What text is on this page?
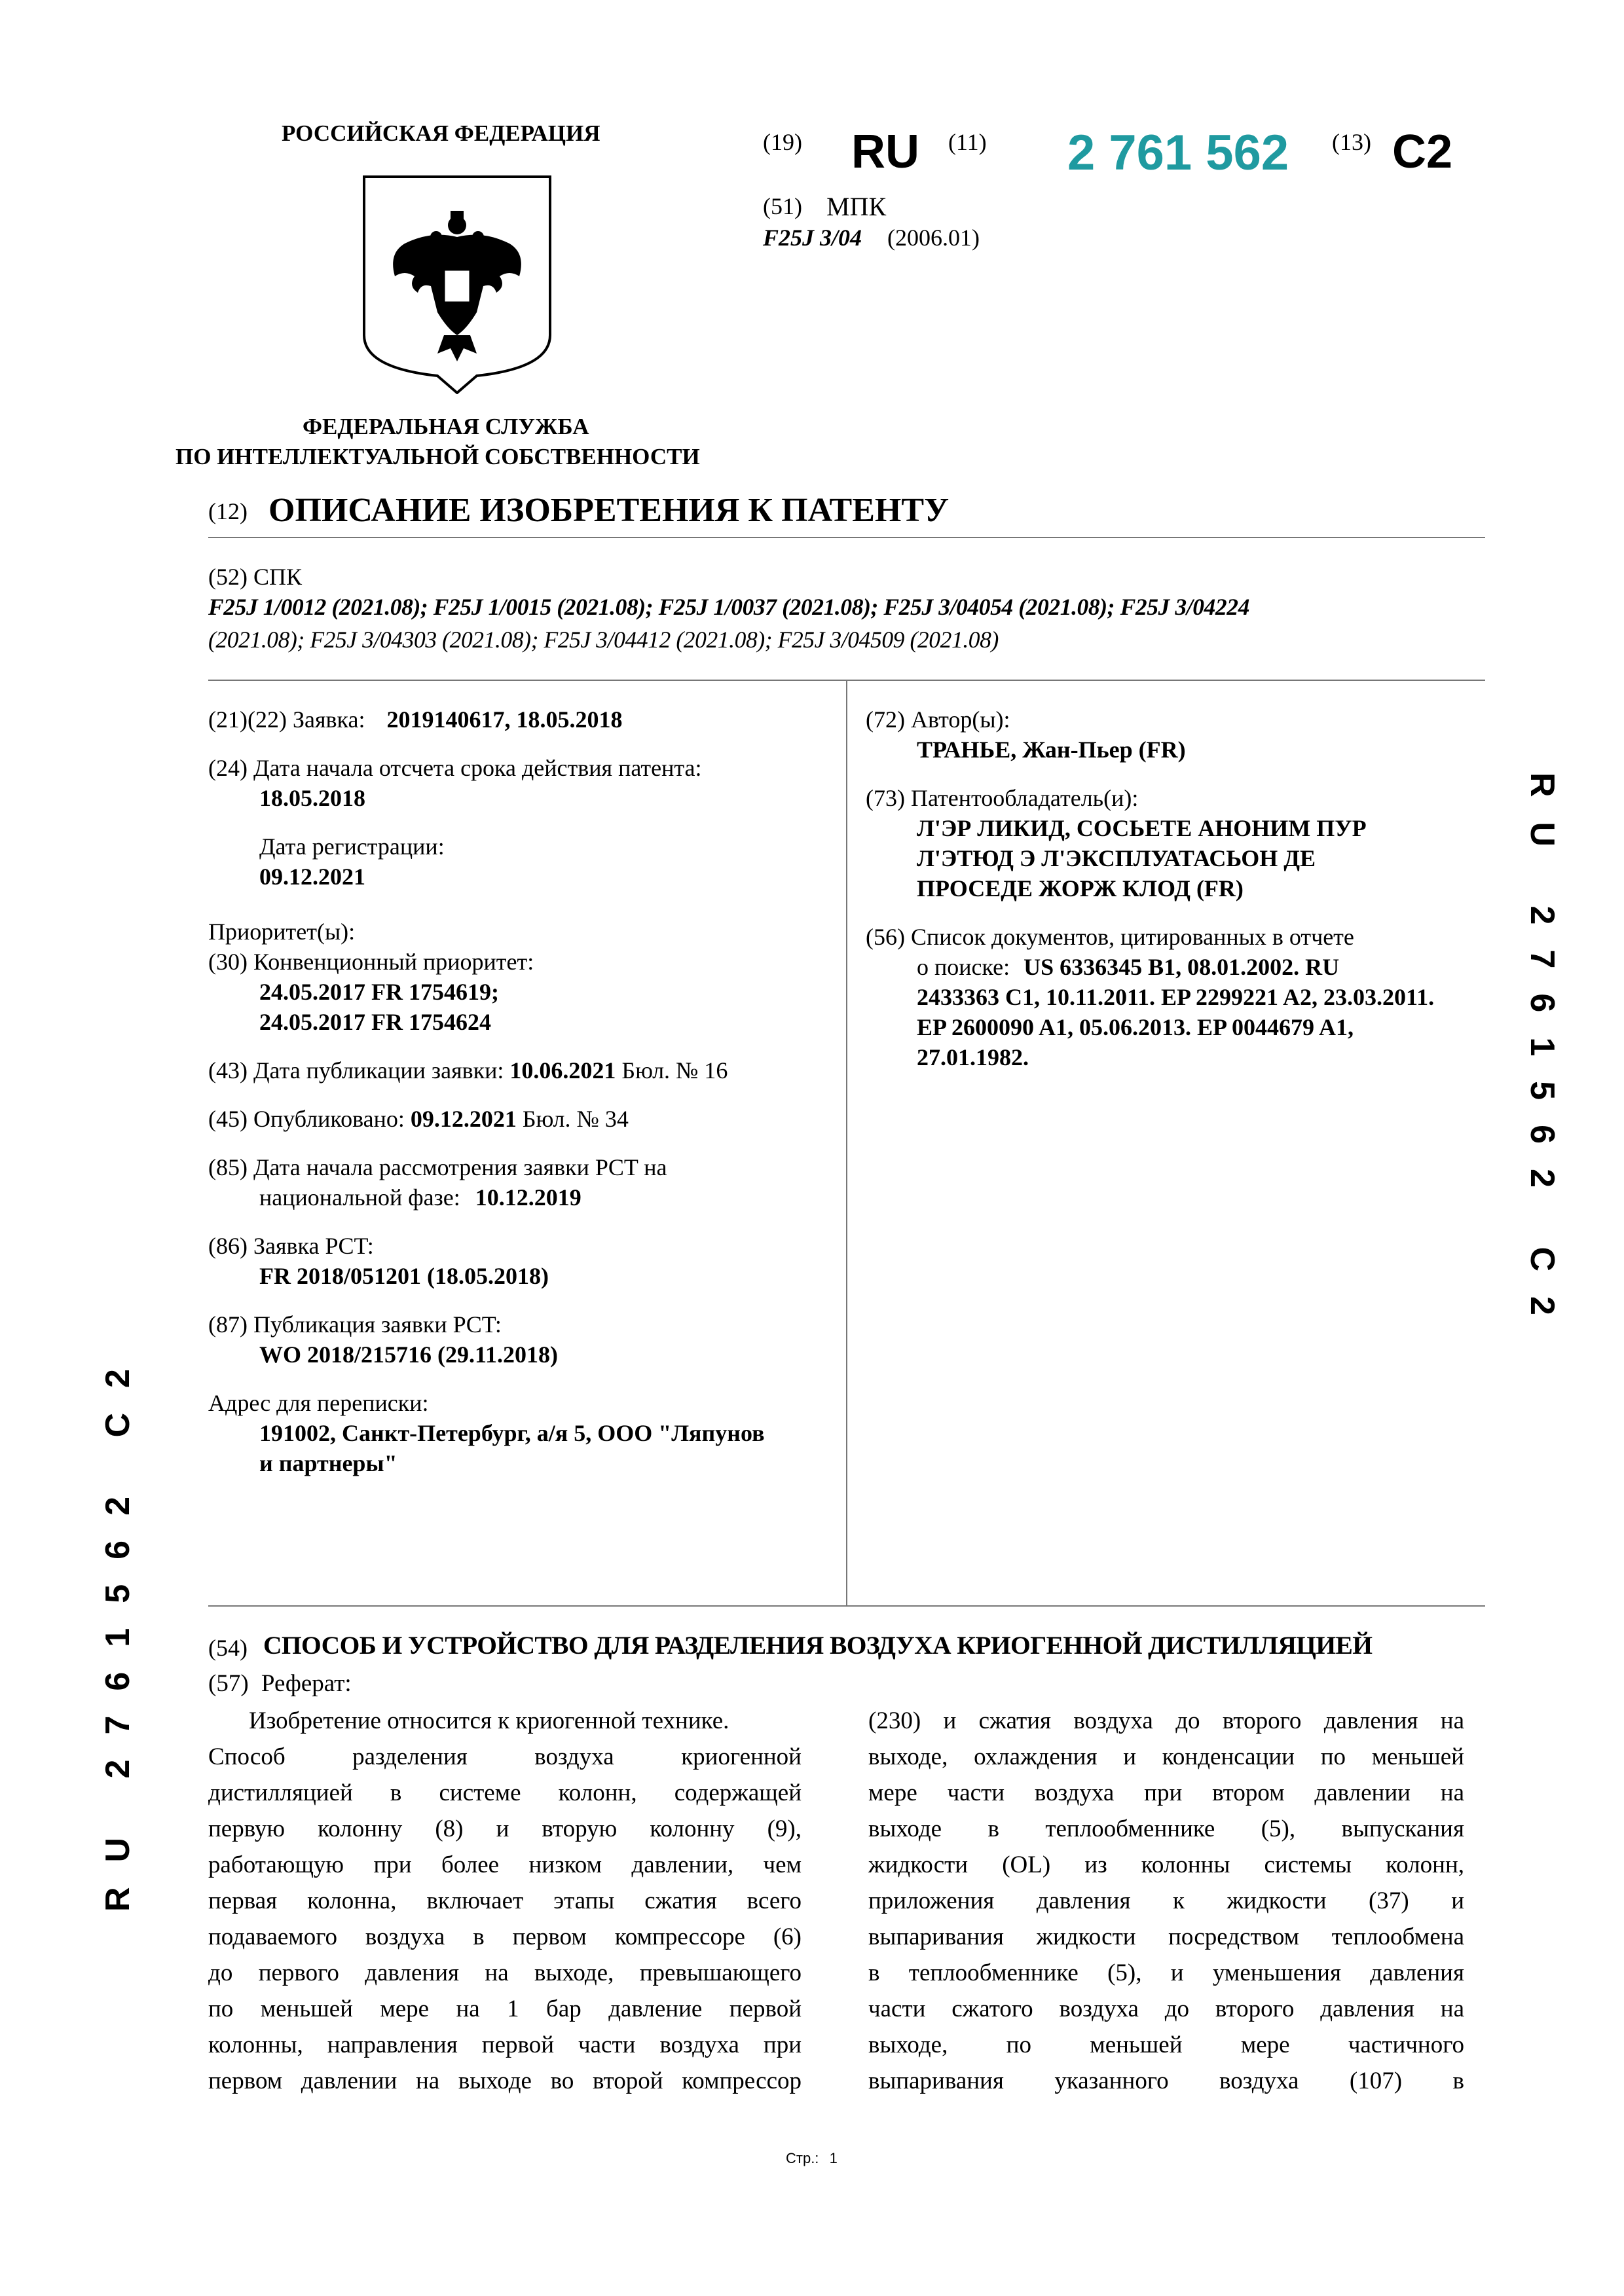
РОССИЙСКАЯ ФЕДЕРАЦИЯ
ФЕДЕРАЛЬНАЯ СЛУЖБА
ПО ИНТЕЛЛЕКТУАЛЬНОЙ СОБСТВЕННОСТИ
(19) RU (11) 2 761 562 (13) C2
(51) МПК
F25J 3/04 (2006.01)
(12) ОПИСАНИЕ ИЗОБРЕТЕНИЯ К ПАТЕНТУ
(52) СПК
F25J 1/0012 (2021.08); F25J 1/0015 (2021.08); F25J 1/0037 (2021.08); F25J 3/04054 (2021.08); F25J 3/04224
(2021.08); F25J 3/04303 (2021.08); F25J 3/04412 (2021.08); F25J 3/04509 (2021.08)
(21)(22) Заявка: 2019140617, 18.05.2018
(24) Дата начала отсчета срока действия патента:
18.05.2018
Дата регистрации:
09.12.2021
Приоритет(ы):
(30) Конвенционный приоритет:
24.05.2017 FR 1754619;
24.05.2017 FR 1754624
(43) Дата публикации заявки: 10.06.2021 Бюл. № 16
(45) Опубликовано: 09.12.2021 Бюл. № 34
(85) Дата начала рассмотрения заявки PCT на
национальной фазе: 10.12.2019
(86) Заявка PCT:
FR 2018/051201 (18.05.2018)
(87) Публикация заявки PCT:
WO 2018/215716 (29.11.2018)
Адрес для переписки:
191002, Санкт-Петербург, а/я 5, ООО "Ляпунов
и партнеры"
(72) Автор(ы):
ТРАНЬЕ, Жан-Пьер (FR)
(73) Патентообладатель(и):
Л'ЭР ЛИКИД, СОСЬЕТЕ АНОНИМ ПУР
Л'ЭТЮД Э Л'ЭКСПЛУАТАСЬОН ДЕ
ПРОСЕДЕ ЖОРЖ КЛОД (FR)
(56) Список документов, цитированных в отчете
о поиске: US 6336345 B1, 08.01.2002. RU
2433363 C1, 10.11.2011. EP 2299221 A2, 23.03.2011.
EP 2600090 A1, 05.06.2013. EP 0044679 A1,
27.01.1982.
(54) СПОСОБ И УСТРОЙСТВО ДЛЯ РАЗДЕЛЕНИЯ ВОЗДУХА КРИОГЕННОЙ ДИСТИЛЛЯЦИЕЙ
(57) Реферат:
Изобретение относится к криогенной технике.
Способ разделения воздуха криогенной
дистилляцией в системе колонн, содержащей
первую колонну (8) и вторую колонну (9),
работающую при более низком давлении, чем
первая колонна, включает этапы сжатия всего
подаваемого воздуха в первом компрессоре (6)
до первого давления на выходе, превышающего
по меньшей мере на 1 бар давление первой
колонны, направления первой части воздуха при
первом давлении на выходе во второй компрессор
(230) и сжатия воздуха до второго давления на
выходе, охлаждения и конденсации по меньшей
мере части воздуха при втором давлении на
выходе в теплообменнике (5), выпускания
жидкости (OL) из колонны системы колонн,
приложения давления к жидкости (37) и
выпаривания жидкости посредством теплообмена
в теплообменнике (5), и уменьшения давления
части сжатого воздуха до второго давления на
выходе, по меньшей мере частичного
выпаривания указанного воздуха (107) в
RU 2761562 C2
RU 2761562 C2
Стр.: 1
